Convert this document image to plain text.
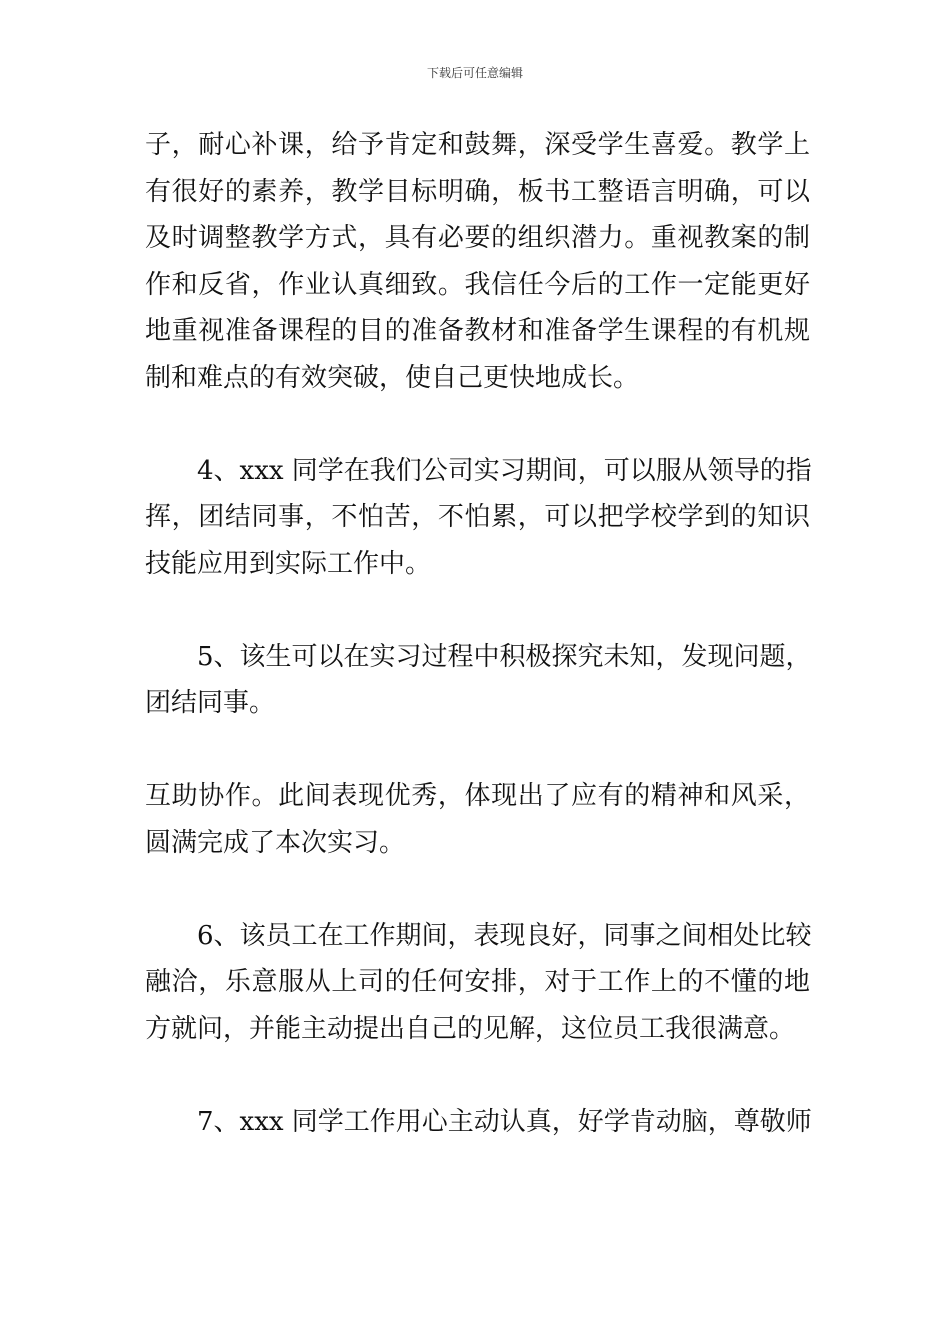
下载后可任意编辑
子，耐心补课，给予肯定和鼓舞，深受学生喜爱。教学上
有很好的素养，教学目标明确，板书工整语言明确，可以
及时调整教学方式，具有必要的组织潜力。重视教案的制
作和反省，作业认真细致。我信任今后的工作一定能更好
地重视准备课程的目的准备教材和准备学生课程的有机规
制和难点的有效突破，使自己更快地成长。
4、xxx 同学在我们公司实习期间，可以服从领导的指
挥，团结同事，不怕苦，不怕累，可以把学校学到的知识
技能应用到实际工作中。
5、该生可以在实习过程中积极探究未知，发现问题，
团结同事。
互助协作。此间表现优秀，体现出了应有的精神和风采，
圆满完成了本次实习。
6、该员工在工作期间，表现良好，同事之间相处比较
融洽，乐意服从上司的任何安排，对于工作上的不懂的地
方就问，并能主动提出自己的见解，这位员工我很满意。
7、xxx 同学工作用心主动认真，好学肯动脑，尊敬师
